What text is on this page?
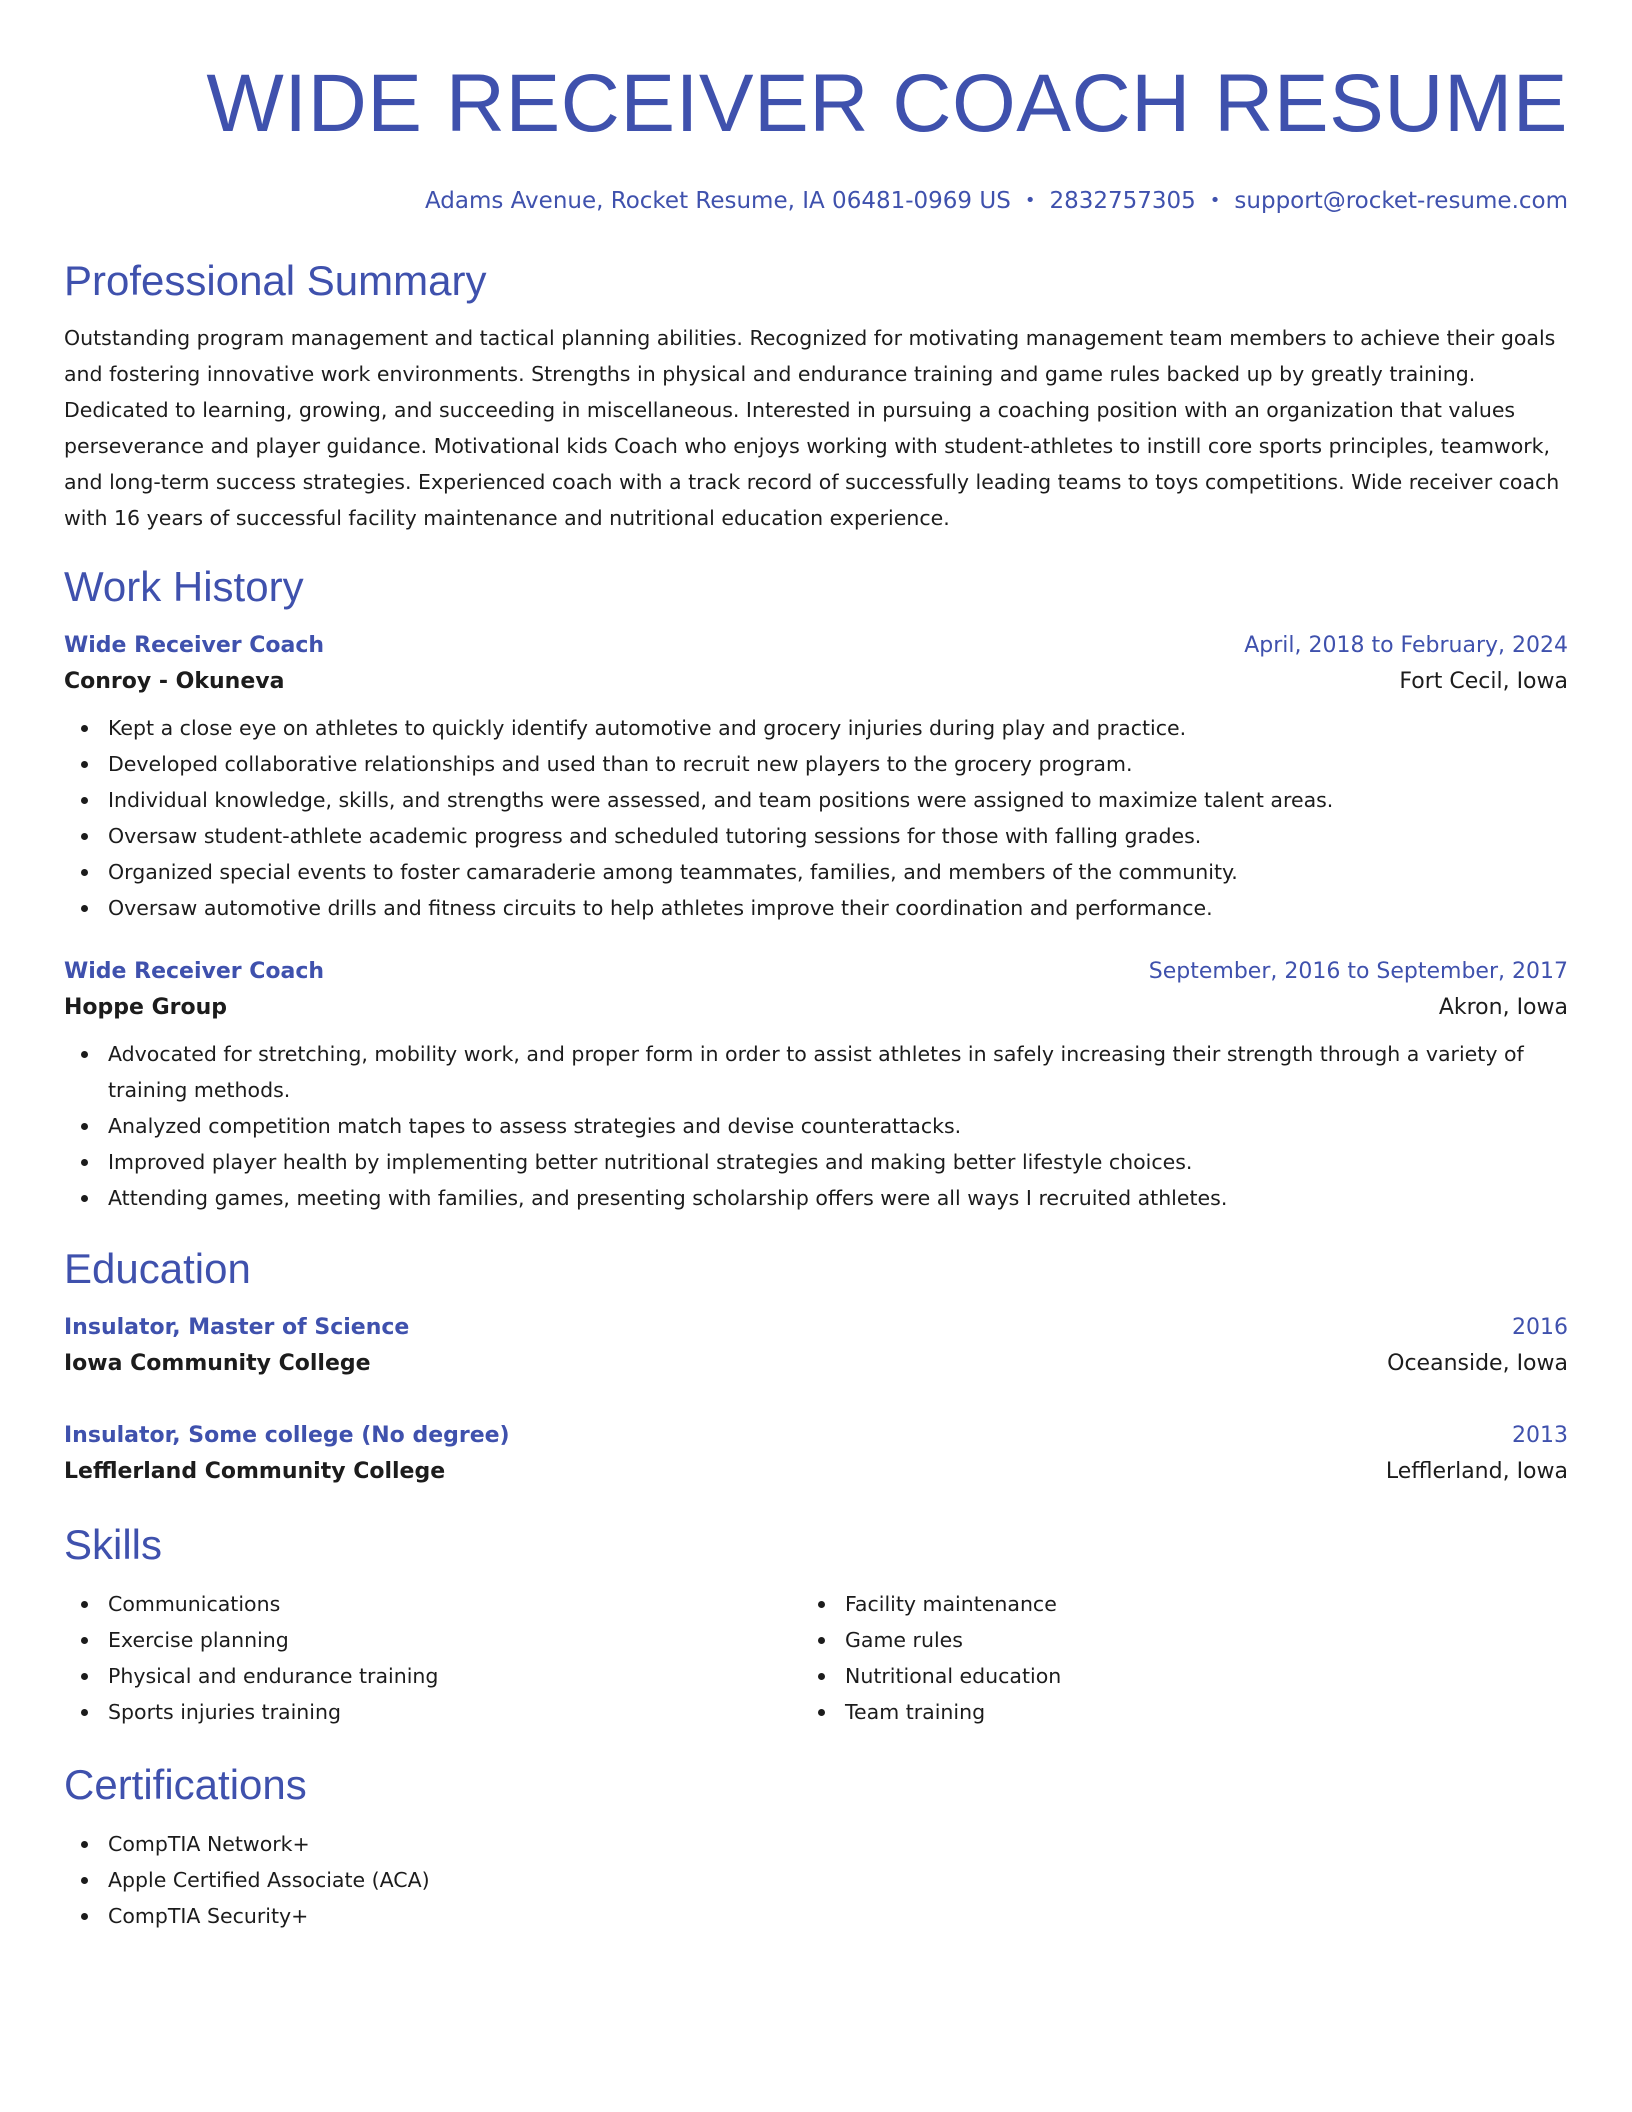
WIDE RECEIVER COACH RESUME
Adams Avenue, Rocket Resume, IA 06481-0969 US • 2832757305 • support@rocket-resume.com
Professional Summary
Outstanding program management and tactical planning abilities. Recognized for motivating management team members to achieve their goals and fostering innovative work environments. Strengths in physical and endurance training and game rules backed up by greatly training. Dedicated to learning, growing, and succeeding in miscellaneous. Interested in pursuing a coaching position with an organization that values perseverance and player guidance. Motivational kids Coach who enjoys working with student-athletes to instill core sports principles, teamwork, and long-term success strategies. Experienced coach with a track record of successfully leading teams to toys competitions. Wide receiver coach with 16 years of successful facility maintenance and nutritional education experience.
Work History
Wide Receiver Coach	April, 2018 to February, 2024
Conroy - Okuneva	Fort Cecil, Iowa
Kept a close eye on athletes to quickly identify automotive and grocery injuries during play and practice.
Developed collaborative relationships and used than to recruit new players to the grocery program.
Individual knowledge, skills, and strengths were assessed, and team positions were assigned to maximize talent areas.
Oversaw student-athlete academic progress and scheduled tutoring sessions for those with falling grades.
Organized special events to foster camaraderie among teammates, families, and members of the community.
Oversaw automotive drills and fitness circuits to help athletes improve their coordination and performance.
Wide Receiver Coach	September, 2016 to September, 2017
Hoppe Group	Akron, Iowa
Advocated for stretching, mobility work, and proper form in order to assist athletes in safely increasing their strength through a variety of training methods.
Analyzed competition match tapes to assess strategies and devise counterattacks.
Improved player health by implementing better nutritional strategies and making better lifestyle choices.
Attending games, meeting with families, and presenting scholarship offers were all ways I recruited athletes.
Education
Insulator, Master of Science	2016
Iowa Community College	Oceanside, Iowa
Insulator, Some college (No degree)	2013
Lefflerland Community College	Lefflerland, Iowa
Skills
Communications
Exercise planning
Physical and endurance training
Sports injuries training
Facility maintenance
Game rules
Nutritional education
Team training
Certifications
CompTIA Network+
Apple Certified Associate (ACA)
CompTIA Security+
